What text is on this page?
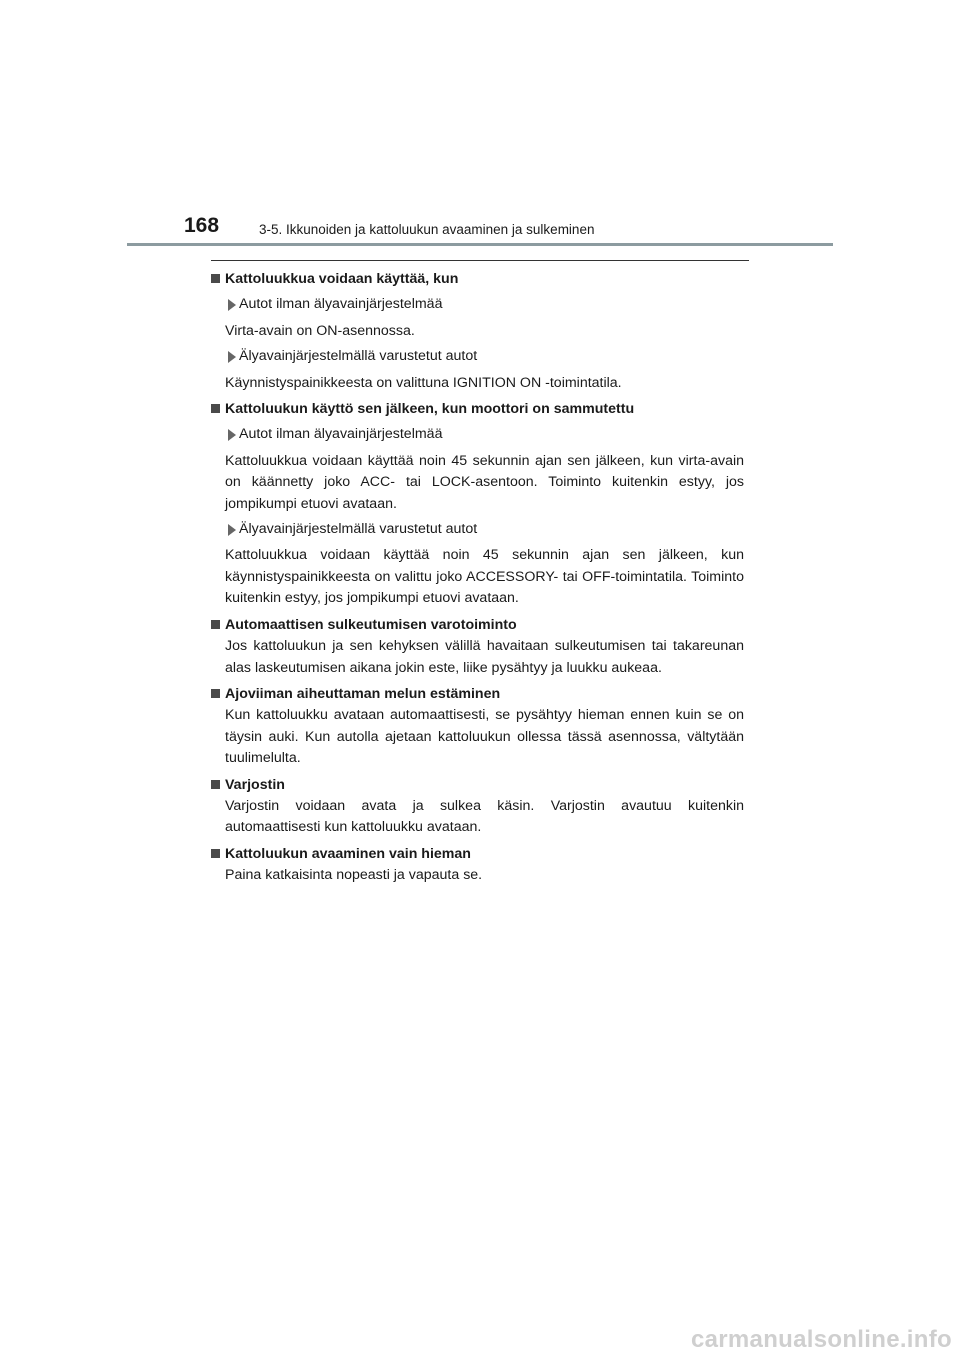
168	3-5. Ikkunoiden ja kattoluukun avaaminen ja sulkeminen
Kattoluukkua voidaan käyttää, kun
Autot ilman älyavainjärjestelmää
Virta-avain on ON-asennossa.
Älyavainjärjestelmällä varustetut autot
Käynnistyspainikkeesta on valittuna IGNITION ON -toimintatila.
Kattoluukun käyttö sen jälkeen, kun moottori on sammutettu
Autot ilman älyavainjärjestelmää
Kattoluukkua voidaan käyttää noin 45 sekunnin ajan sen jälkeen, kun virta-avain on käännetty joko ACC- tai LOCK-asentoon. Toiminto kuitenkin estyy, jos jompikumpi etuovi avataan.
Älyavainjärjestelmällä varustetut autot
Kattoluukkua voidaan käyttää noin 45 sekunnin ajan sen jälkeen, kun käynnistyspainikkeesta on valittu joko ACCESSORY- tai OFF-toimintatila. Toiminto kuitenkin estyy, jos jompikumpi etuovi avataan.
Automaattisen sulkeutumisen varotoiminto
Jos kattoluukun ja sen kehyksen välillä havaitaan sulkeutumisen tai takareunan alas laskeutumisen aikana jokin este, liike pysähtyy ja luukku aukeaa.
Ajoviiman aiheuttaman melun estäminen
Kun kattoluukku avataan automaattisesti, se pysähtyy hieman ennen kuin se on täysin auki. Kun autolla ajetaan kattoluukun ollessa tässä asennossa, vältytään tuulimelulta.
Varjostin
Varjostin voidaan avata ja sulkea käsin. Varjostin avautuu kuitenkin automaattisesti kun kattoluukku avataan.
Kattoluukun avaaminen vain hieman
Paina katkaisinta nopeasti ja vapauta se.
carmanualsonline.info
